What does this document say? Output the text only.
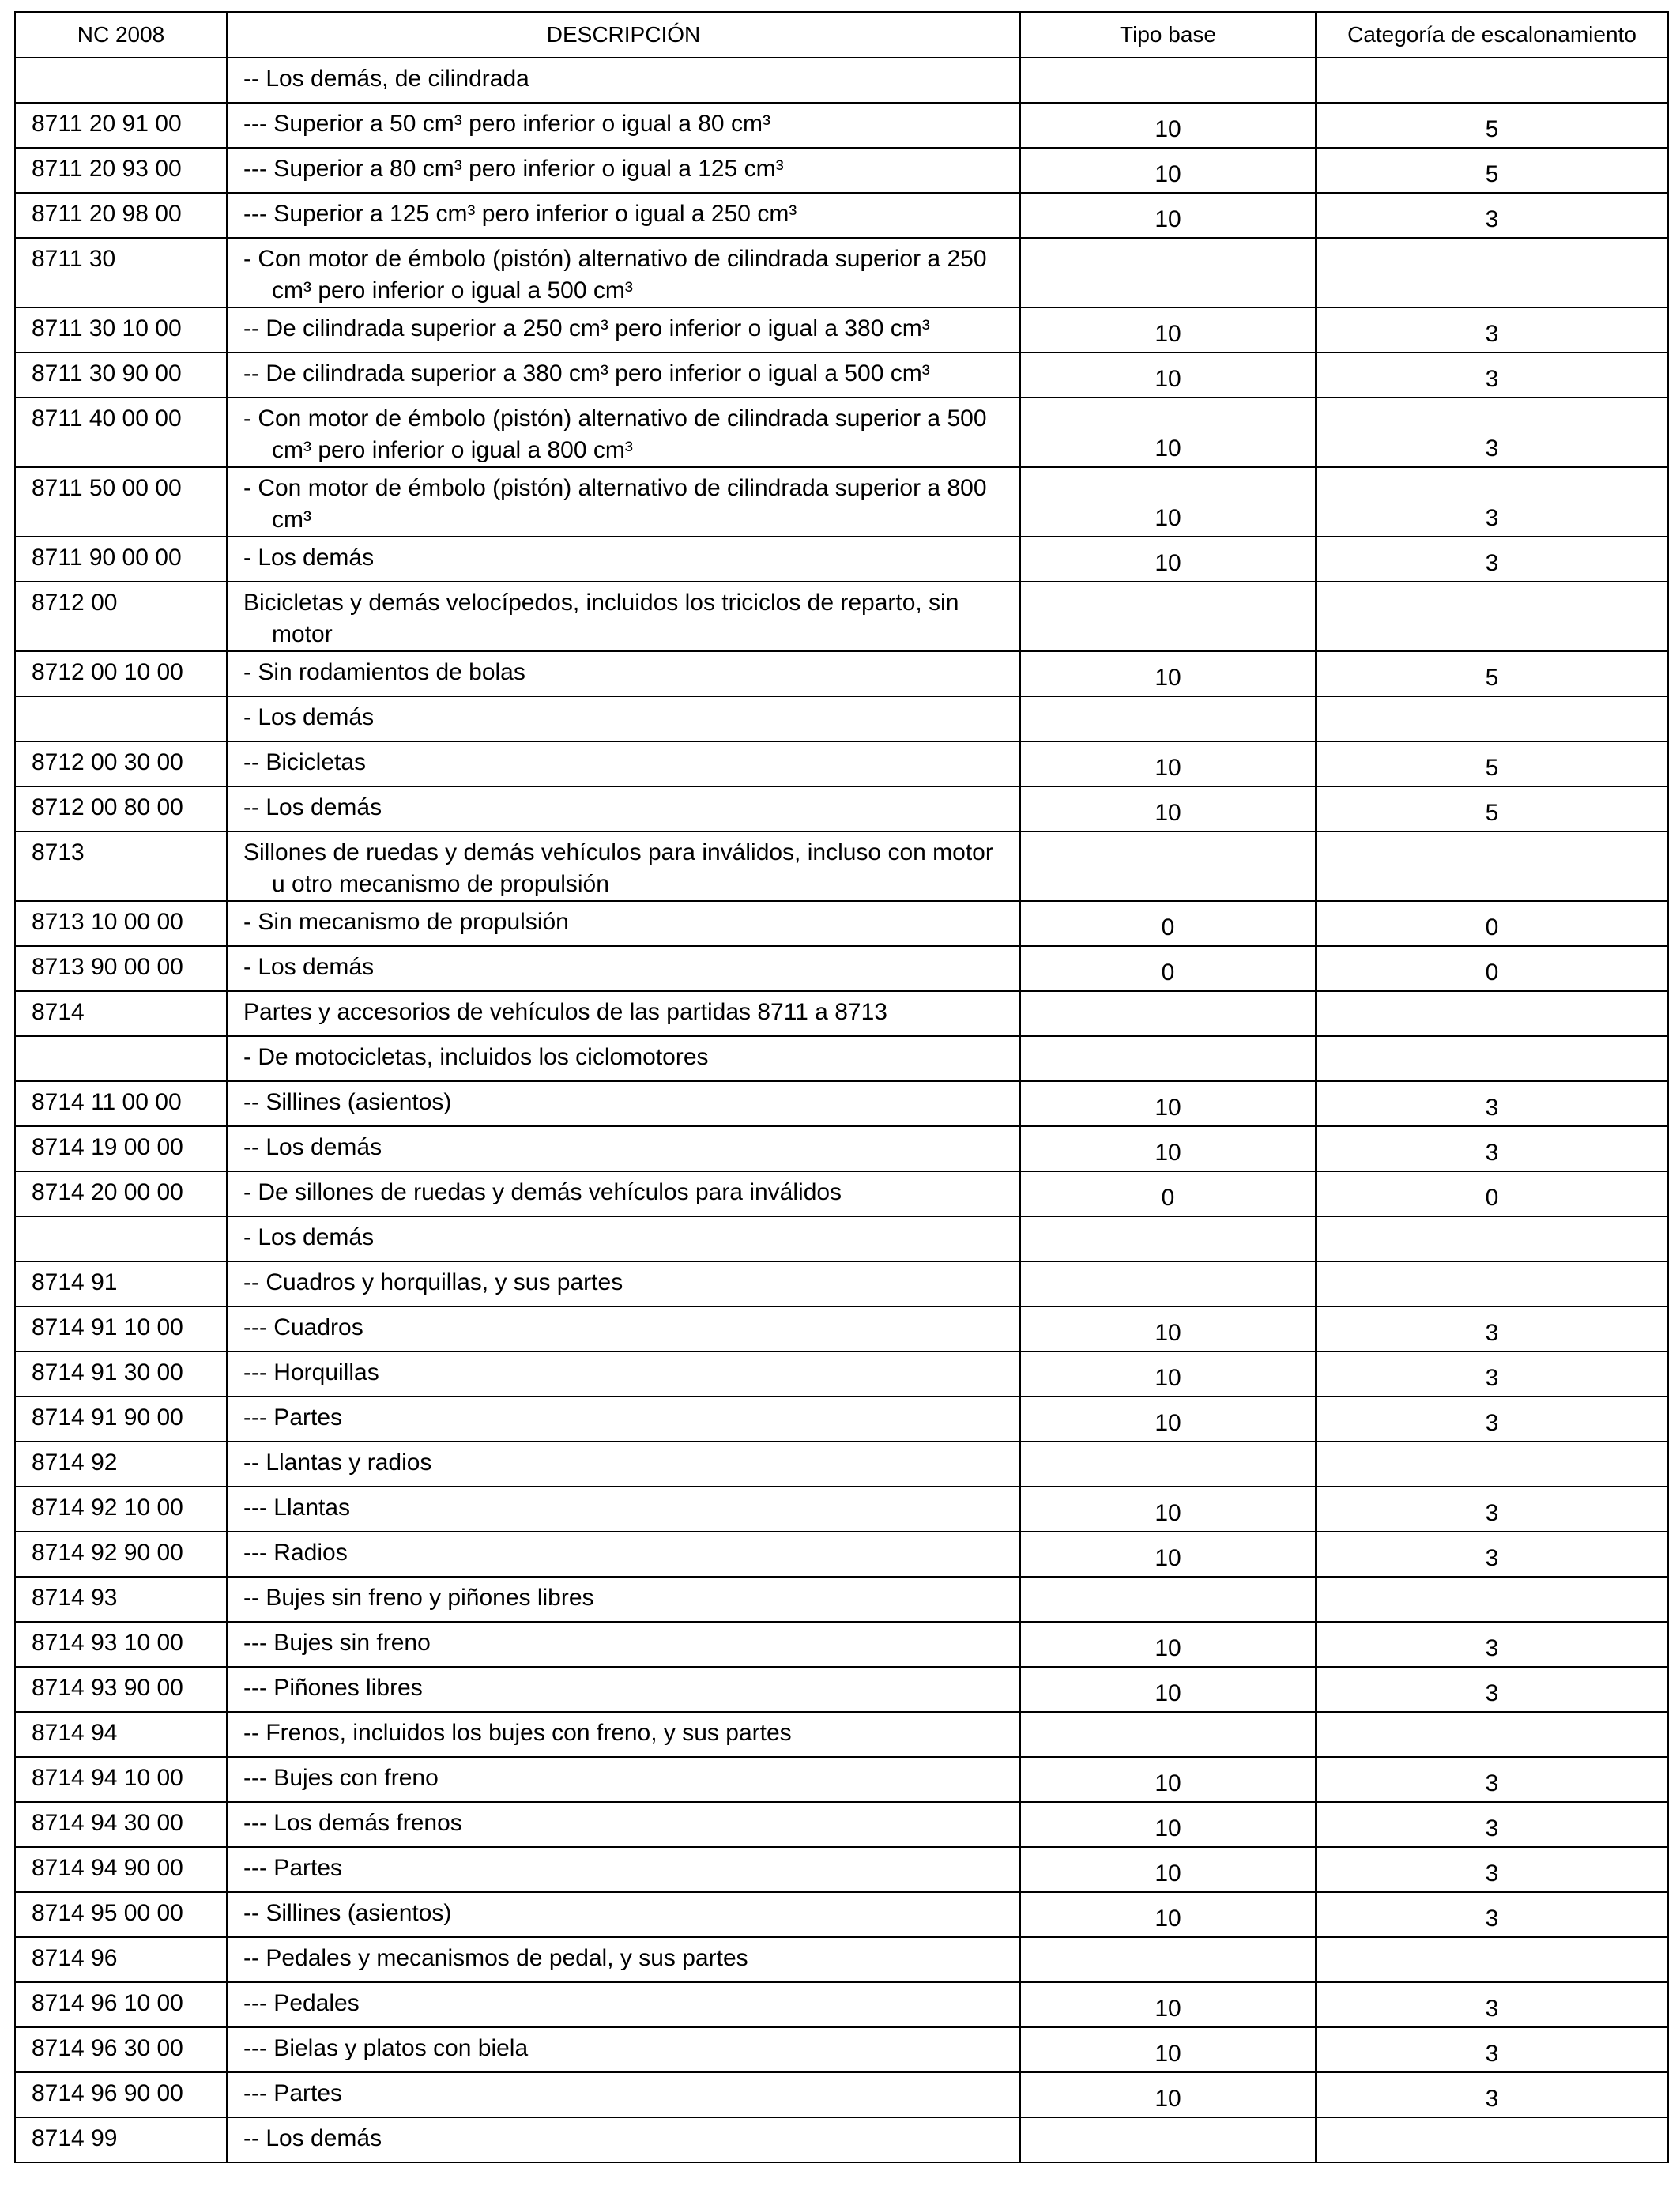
NC 2008	DESCRIPCIÓN	Tipo base	Categoría de escalonamiento

	-- Los demás, de cilindrada		

8711 20 91 00	--- Superior a 50 cm³ pero inferior o igual a 80 cm³	10	5
8711 20 93 00	--- Superior a 80 cm³ pero inferior o igual a 125 cm³	10	5
8711 20 98 00	--- Superior a 125 cm³ pero inferior o igual a 250 cm³	10	3
8711 30	- Con motor de émbolo (pistón) alternativo de cilindrada superior a 250 cm³ pero inferior o igual a 500 cm³		

8711 30 10 00	-- De cilindrada superior a 250 cm³ pero inferior o igual a 380 cm³	10	3
8711 30 90 00	-- De cilindrada superior a 380 cm³ pero inferior o igual a 500 cm³	10	3
8711 40 00 00	- Con motor de émbolo (pistón) alternativo de cilindrada superior a 500 cm³ pero inferior o igual a 800 cm³	10	3
8711 50 00 00	- Con motor de émbolo (pistón) alternativo de cilindrada superior a 800 cm³	10	3
8711 90 00 00	- Los demás	10	3
8712 00	Bicicletas y demás velocípedos, incluidos los triciclos de reparto, sin motor		

8712 00 10 00	- Sin rodamientos de bolas	10	5

	- Los demás		

8712 00 30 00	-- Bicicletas	10	5
8712 00 80 00	-- Los demás	10	5
8713	Sillones de ruedas y demás vehículos para inválidos, incluso con motor u otro mecanismo de propulsión		

8713 10 00 00	- Sin mecanismo de propulsión	0	0
8713 90 00 00	- Los demás	0	0
8714	Partes y accesorios de vehículos de las partidas 8711 a 8713		

	- De motocicletas, incluidos los ciclomotores		

8714 11 00 00	-- Sillines (asientos)	10	3
8714 19 00 00	-- Los demás	10	3
8714 20 00 00	- De sillones de ruedas y demás vehículos para inválidos	0	0

	- Los demás		

8714 91	-- Cuadros y horquillas, y sus partes		

8714 91 10 00	--- Cuadros	10	3
8714 91 30 00	--- Horquillas	10	3
8714 91 90 00	--- Partes	10	3
8714 92	-- Llantas y radios		

8714 92 10 00	--- Llantas	10	3
8714 92 90 00	--- Radios	10	3
8714 93	-- Bujes sin freno y piñones libres		

8714 93 10 00	--- Bujes sin freno	10	3
8714 93 90 00	--- Piñones libres	10	3
8714 94	-- Frenos, incluidos los bujes con freno, y sus partes		

8714 94 10 00	--- Bujes con freno	10	3
8714 94 30 00	--- Los demás frenos	10	3
8714 94 90 00	--- Partes	10	3
8714 95 00 00	-- Sillines (asientos)	10	3
8714 96	-- Pedales y mecanismos de pedal, y sus partes		

8714 96 10 00	--- Pedales	10	3
8714 96 30 00	--- Bielas y platos con biela	10	3
8714 96 90 00	--- Partes	10	3
8714 99	-- Los demás		
